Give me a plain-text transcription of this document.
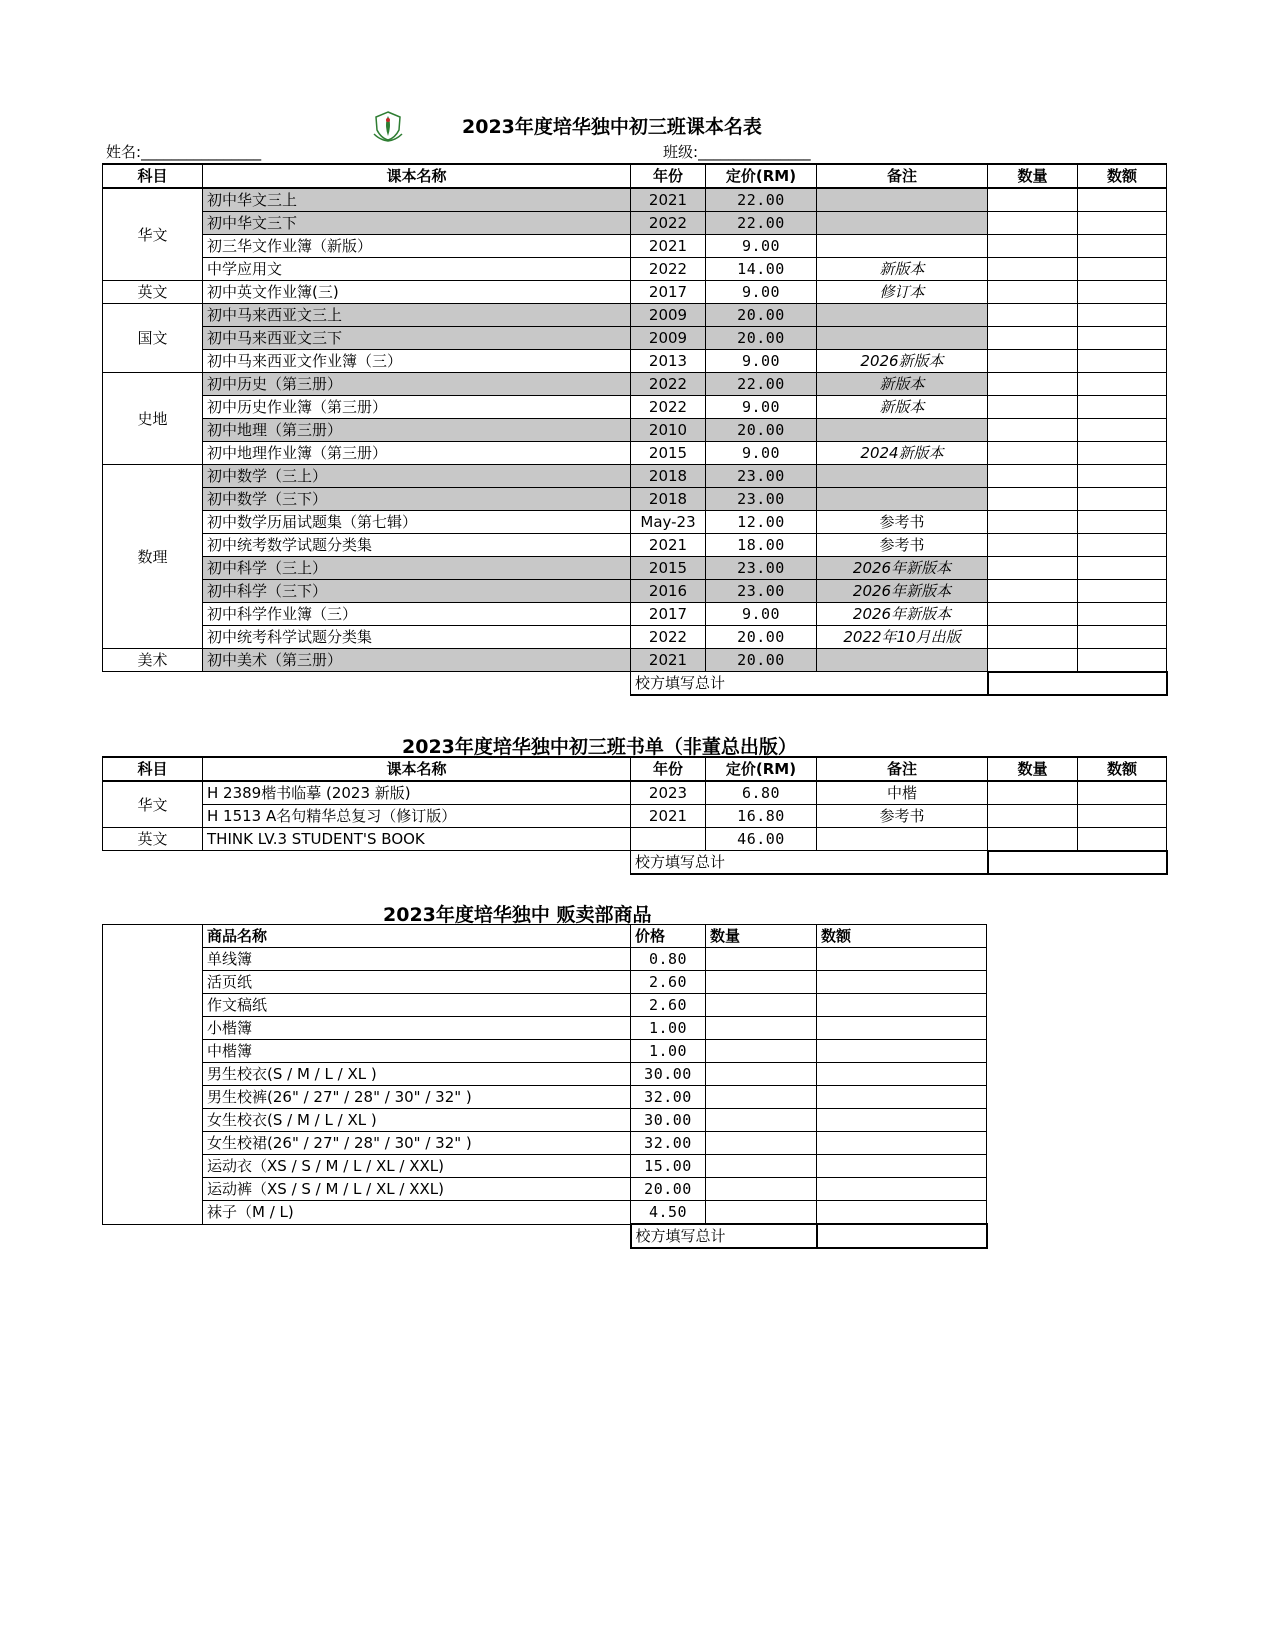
2023年度培华独中初三班课本名表
姓名:________________	班级:_______________
科目	课本名称	年份	定价(RM)	备注	数量	数额
华文	初中华文三上	2021	22.00			
	初中华文三下	2022	22.00			
	初三华文作业簿（新版）	2021	9.00			
	中学应用文	2022	14.00	新版本		
英文	初中英文作业簿(三)	2017	9.00	修订本		
国文	初中马来西亚文三上	2009	20.00			
	初中马来西亚文三下	2009	20.00			
	初中马来西亚文作业簿（三）	2013	9.00	2026新版本		
史地	初中历史（第三册）	2022	22.00	新版本		
	初中历史作业簿（第三册）	2022	9.00	新版本		
	初中地理（第三册）	2010	20.00			
	初中地理作业簿（第三册）	2015	9.00	2024新版本		
数理	初中数学（三上）	2018	23.00			
	初中数学（三下）	2018	23.00			
	初中数学历届试题集（第七辑）	May-23	12.00	参考书		
	初中统考数学试题分类集	2021	18.00	参考书		
	初中科学（三上）	2015	23.00	2026年新版本		
	初中科学（三下）	2016	23.00	2026年新版本		
	初中科学作业簿（三）	2017	9.00	2026年新版本		
	初中统考科学试题分类集	2022	20.00	2022年10月出版		
美术	初中美术（第三册）	2021	20.00			
		校方填写总计				
2023年度培华独中初三班书单（非董总出版）
科目	课本名称	年份	定价(RM)	备注	数量	数额
华文	H 2389楷书临摹 (2023 新版)	2023	6.80	中楷		
	H 1513 A名句精华总复习（修订版）	2021	16.80	参考书		
英文	THINK LV.3 STUDENT'S BOOK		46.00			
		校方填写总计				
2023年度培华独中 贩卖部商品
	商品名称	价格	数量	数额
	单线簿	0.80		
	活页纸	2.60		
	作文稿纸	2.60		
	小楷簿	1.00		
	中楷簿	1.00		
	男生校衣(S / M / L / XL )	30.00		
	男生校裤(26" / 27" / 28" / 30" / 32" )	32.00		
	女生校衣(S / M / L / XL )	30.00		
	女生校裙(26" / 27" / 28" / 30" / 32" )	32.00		
	运动衣（XS / S / M / L / XL / XXL)	15.00		
	运动裤（XS / S / M / L / XL / XXL)	20.00		
	袜子（M / L)	4.50		
		校方填写总计		
